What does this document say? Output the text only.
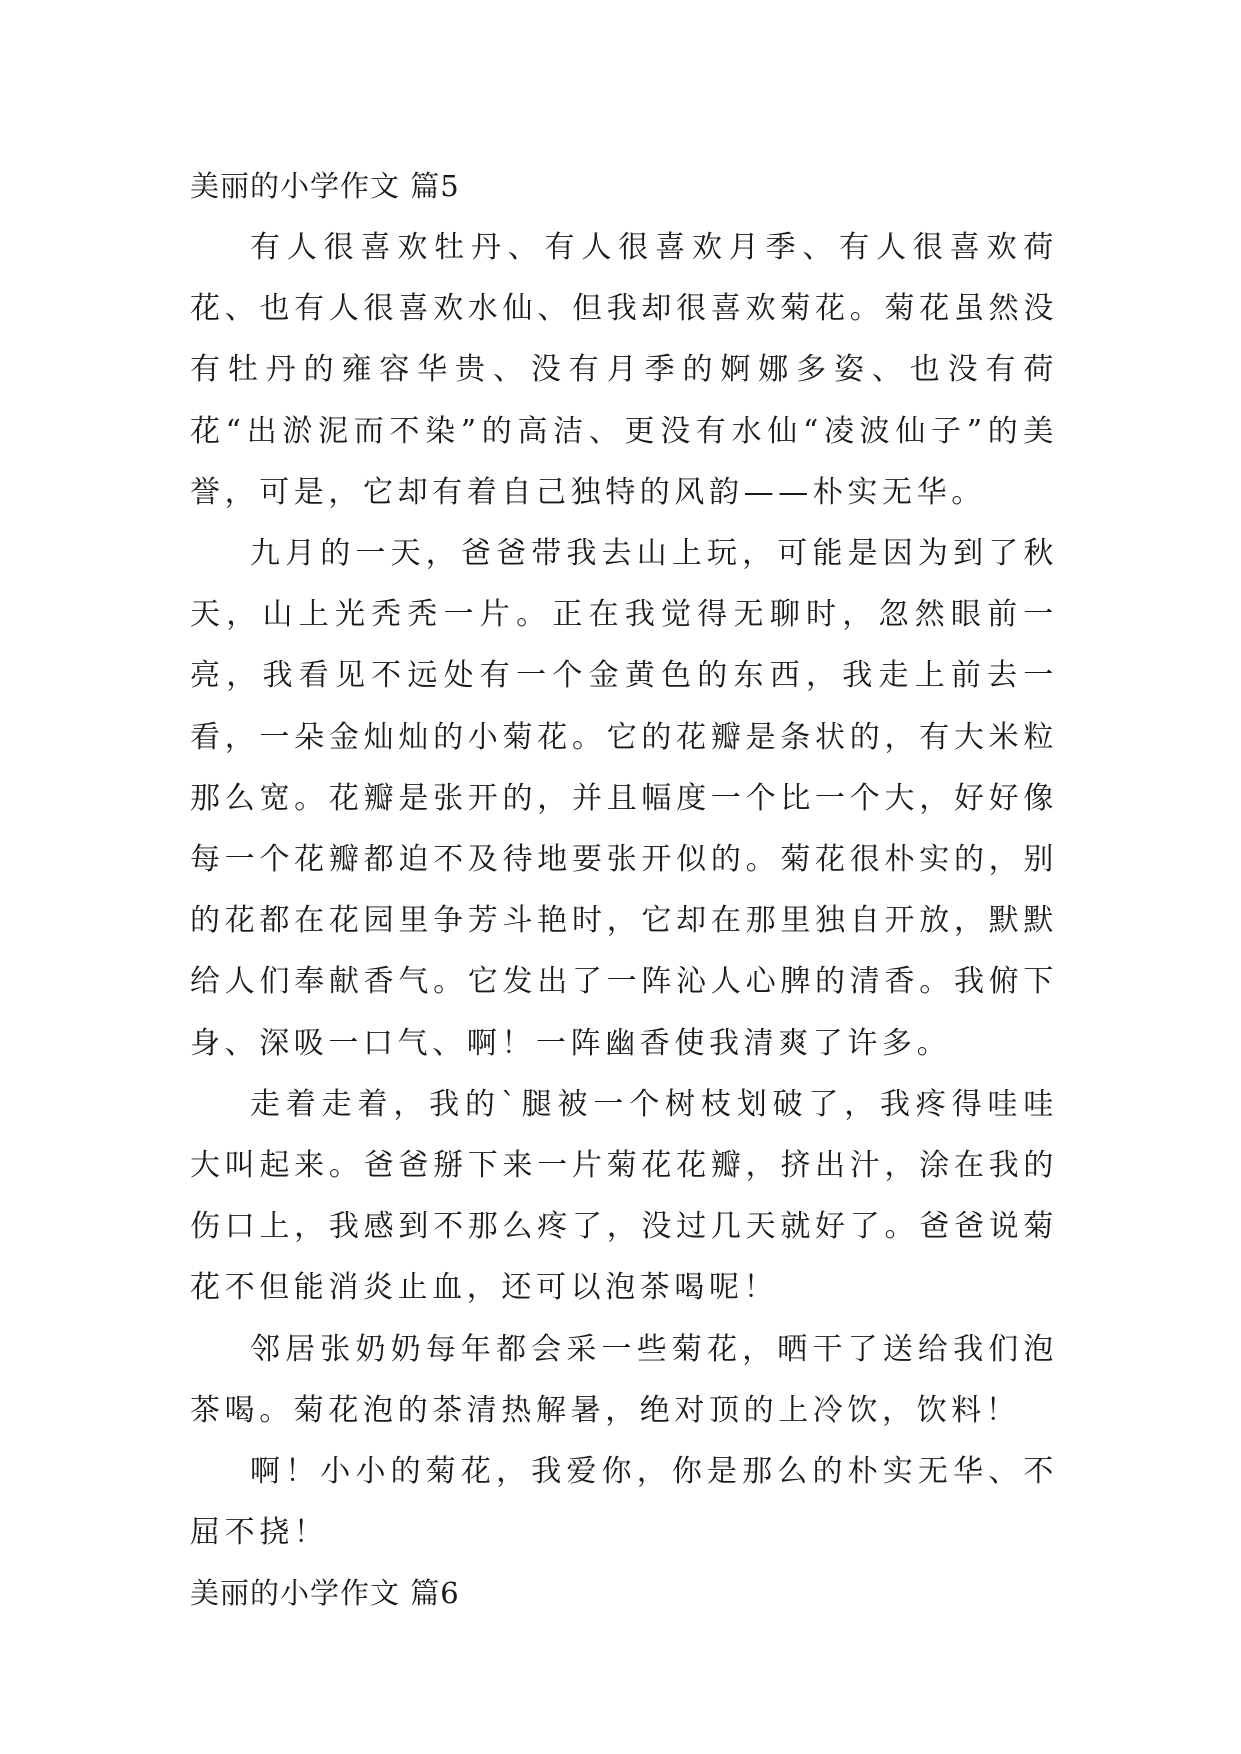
美丽的小学作文 篇5

有人很喜欢牡丹、有人很喜欢月季、有人很喜欢荷花、也有人很喜欢水仙、但我却很喜欢菊花。菊花虽然没有牡丹的雍容华贵、没有月季的婀娜多姿、也没有荷花“出淤泥而不染”的高洁、更没有水仙“凌波仙子”的美誉，可是，它却有着自己独特的风韵——朴实无华。

九月的一天，爸爸带我去山上玩，可能是因为到了秋天，山上光秃秃一片。正在我觉得无聊时，忽然眼前一亮，我看见不远处有一个金黄色的东西，我走上前去一看，一朵金灿灿的小菊花。它的花瓣是条状的，有大米粒那么宽。花瓣是张开的，并且幅度一个比一个大，好好像每一个花瓣都迫不及待地要张开似的。菊花很朴实的，别的花都在花园里争芳斗艳时，它却在那里独自开放，默默给人们奉献香气。它发出了一阵沁人心脾的清香。我俯下身、深吸一口气、啊！一阵幽香使我清爽了许多。

走着走着，我的`腿被一个树枝划破了，我疼得哇哇大叫起来。爸爸掰下来一片菊花花瓣，挤出汁，涂在我的伤口上，我感到不那么疼了，没过几天就好了。爸爸说菊花不但能消炎止血，还可以泡茶喝呢！

邻居张奶奶每年都会采一些菊花，晒干了送给我们泡茶喝。菊花泡的茶清热解暑，绝对顶的上冷饮，饮料！

啊！小小的菊花，我爱你，你是那么的朴实无华、不屈不挠！

美丽的小学作文 篇6
